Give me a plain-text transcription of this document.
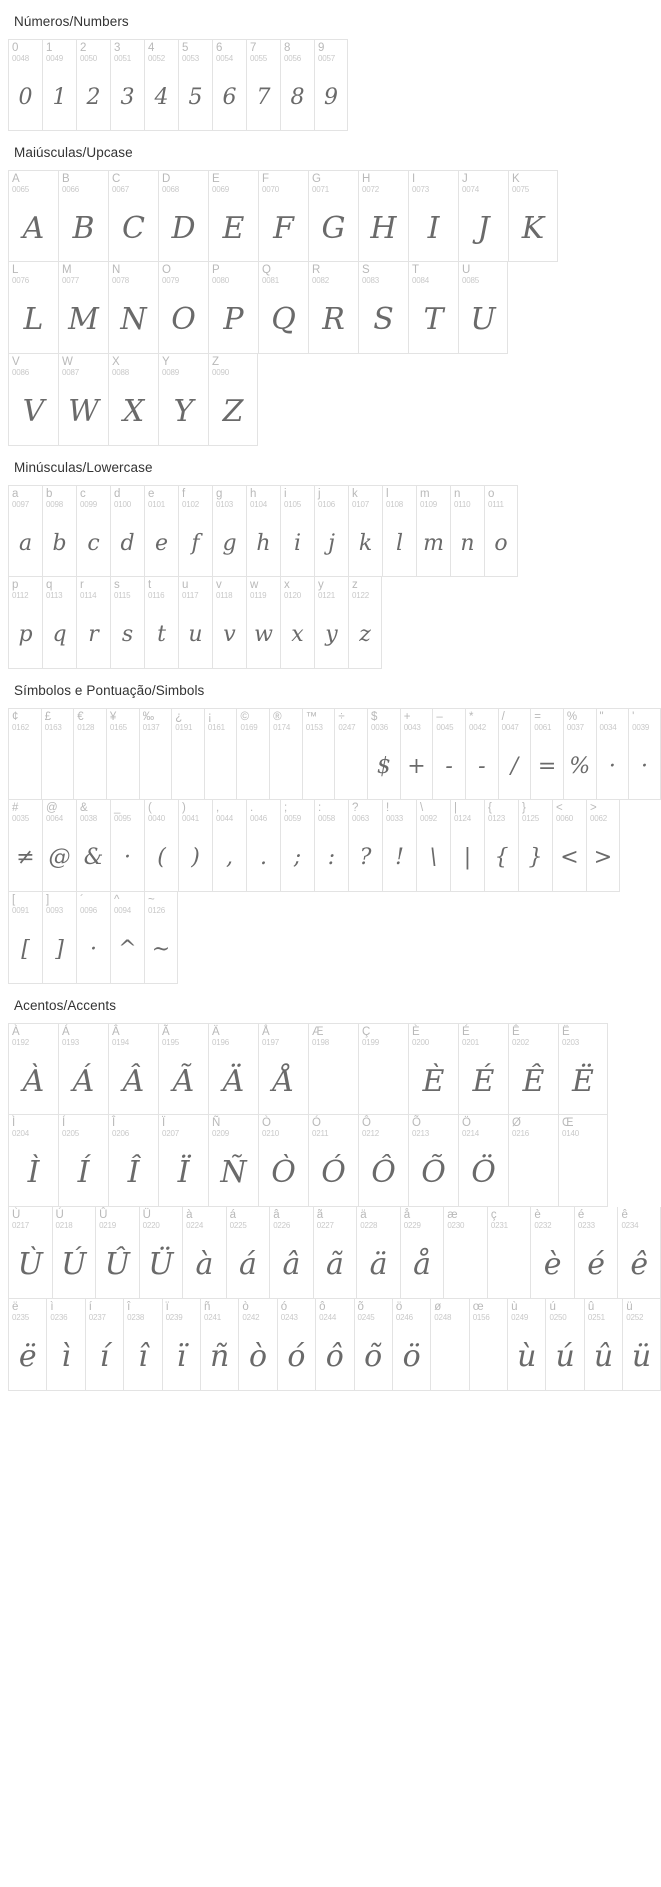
Números/Numbers
0
0048
0
1
0049
1
2
0050
2
3
0051
3
4
0052
4
5
0053
5
6
0054
6
7
0055
7
8
0056
8
9
0057
9
Maiúsculas/Upcase
A
0065
A
B
0066
B
C
0067
C
D
0068
D
E
0069
E
F
0070
F
G
0071
G
H
0072
H
I
0073
I
J
0074
J
K
0075
K
L
0076
L
M
0077
M
N
0078
N
O
0079
O
P
0080
P
Q
0081
Q
R
0082
R
S
0083
S
T
0084
T
U
0085
U
V
0086
V
W
0087
W
X
0088
X
Y
0089
Y
Z
0090
Z
Minúsculas/Lowercase
a
0097
a
b
0098
b
c
0099
c
d
0100
d
e
0101
e
f
0102
f
g
0103
g
h
0104
h
i
0105
i
j
0106
j
k
0107
k
l
0108
l
m
0109
m
n
0110
n
o
0111
o
p
0112
p
q
0113
q
r
0114
r
s
0115
s
t
0116
t
u
0117
u
v
0118
v
w
0119
w
x
0120
x
y
0121
y
z
0122
z
Símbolos e Pontuação/Simbols
¢
0162
£
0163
€
0128
¥
0165
‰
0137
¿
0191
¡
0161
©
0169
®
0174
™
0153
÷
0247
$
0036
$
+
0043
+
–
0045
-
*
0042
-
/
0047
/
=
0061
=
%
0037
%
"
0034
·
'
0039
·
#
0035
≠
@
0064
@
&
0038
&
_
0095
·
(
0040
(
)
0041
)
,
0044
,
.
0046
.
;
0059
;
:
0058
:
?
0063
?
!
0033
!
\
0092
\
|
0124
|
{
0123
{
}
0125
}
<
0060
<
>
0062
>
[
0091
[
]
0093
]
´
0096
·
^
0094
^
~
0126
~
Acentos/Accents
À
0192
À
Á
0193
Á
Â
0194
Â
Ã
0195
Ã
Ä
0196
Ä
Å
0197
Å
Æ
0198
Ç
0199
È
0200
È
É
0201
É
Ê
0202
Ê
Ë
0203
Ë
Ì
0204
Ì
Í
0205
Í
Î
0206
Î
Ï
0207
Ï
Ñ
0209
Ñ
Ò
0210
Ò
Ó
0211
Ó
Ô
0212
Ô
Õ
0213
Õ
Ö
0214
Ö
Ø
0216
Œ
0140
Ù
0217
Ù
Ú
0218
Ú
Û
0219
Û
Ü
0220
Ü
à
0224
à
á
0225
á
â
0226
â
ã
0227
ã
ä
0228
ä
å
0229
å
æ
0230
ç
0231
è
0232
è
é
0233
é
ê
0234
ê
ë
0235
ë
ì
0236
ì
í
0237
í
î
0238
î
ï
0239
ï
ñ
0241
ñ
ò
0242
ò
ó
0243
ó
ô
0244
ô
õ
0245
õ
ö
0246
ö
ø
0248
œ
0156
ù
0249
ù
ú
0250
ú
û
0251
û
ü
0252
ü
